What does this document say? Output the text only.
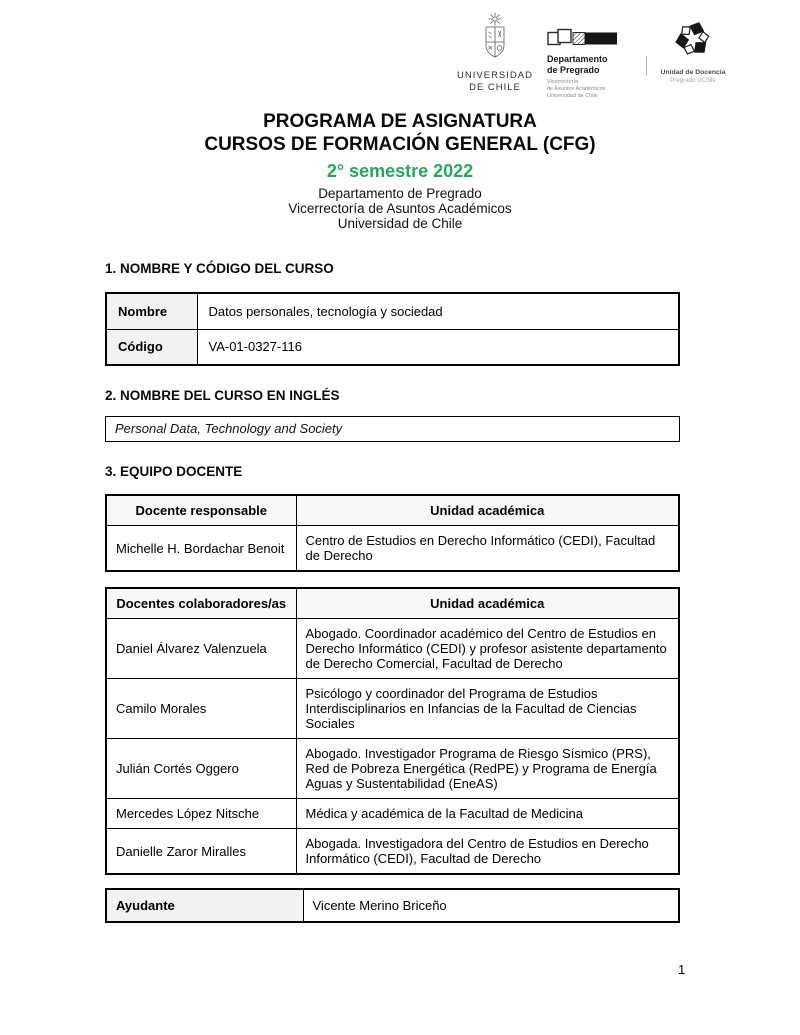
UNIVERSIDAD
DE CHILE
Departamento
de Pregrado
Vicerrectoría
de Asuntos Académicos
Universidad de Chile
Unidad de Docencia
Pregrado UChile
PROGRAMA DE ASIGNATURA
CURSOS DE FORMACIÓN GENERAL (CFG)
2° semestre 2022
Departamento de Pregrado
Vicerrectoría de Asuntos Académicos
Universidad de Chile
1. NOMBRE Y CÓDIGO DEL CURSO
Nombre	Datos personales, tecnología y sociedad
Código	VA-01-0327-116
2. NOMBRE DEL CURSO EN INGLÉS
Personal Data, Technology and Society
3. EQUIPO DOCENTE
Docente responsable	Unidad académica
Michelle H. Bordachar Benoit	Centro de Estudios en Derecho Informático (CEDI), Facultad de Derecho
Docentes colaboradores/as	Unidad académica
Daniel Álvarez Valenzuela	Abogado. Coordinador académico del Centro de Estudios en Derecho Informático (CEDI) y profesor asistente departamento de Derecho Comercial, Facultad de Derecho
Camilo Morales	Psicólogo y coordinador del Programa de Estudios Interdisciplinarios en Infancias de la Facultad de Ciencias Sociales
Julián Cortés Oggero	Abogado. Investigador Programa de Riesgo Sísmico (PRS), Red de Pobreza Energética (RedPE) y Programa de Energía Aguas y Sustentabilidad (EneAS)
Mercedes López Nitsche	Médica y académica de la Facultad de Medicina
Danielle Zaror Miralles	Abogada. Investigadora del Centro de Estudios en Derecho Informático (CEDI), Facultad de Derecho
Ayudante	Vicente Merino Briceño
1
